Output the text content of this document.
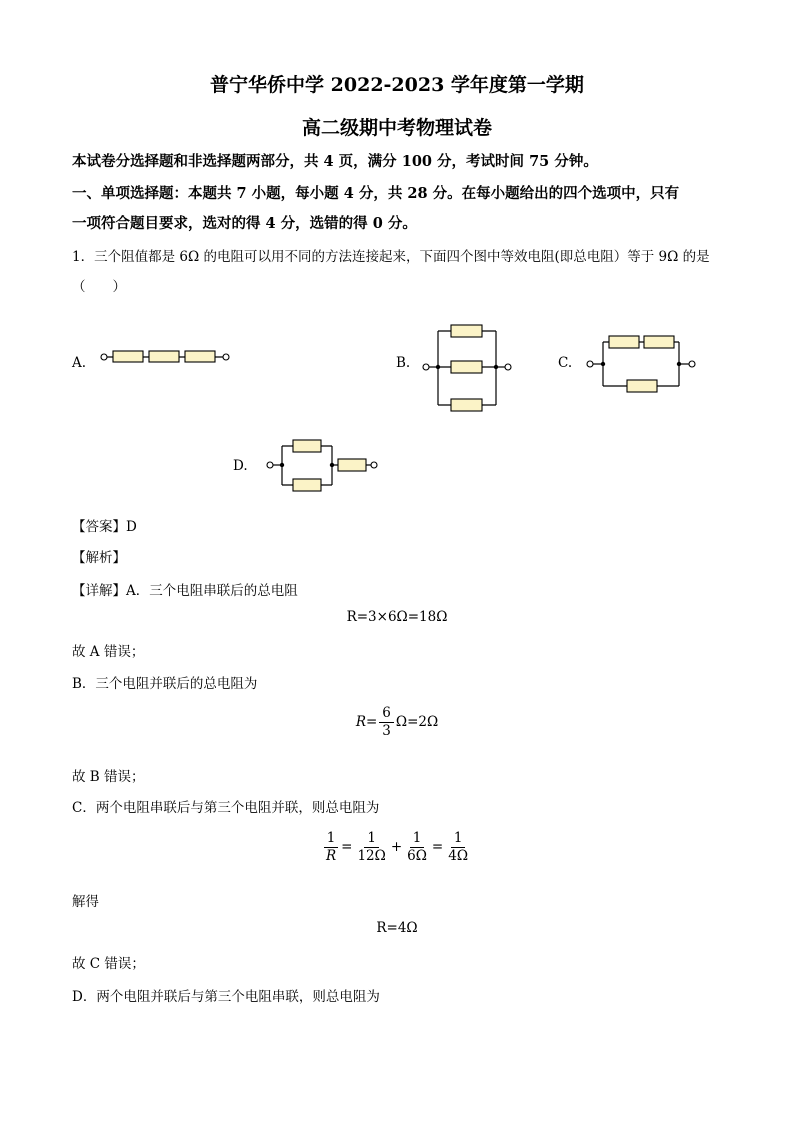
普宁华侨中学 2022-2023 学年度第一学期
高二级期中考物理试卷
本试卷分选择题和非选择题两部分，共 4 页，满分 100 分，考试时间 75 分钟。
一、单项选择题：本题共 7 小题，每小题 4 分，共 28 分。在每小题给出的四个选项中，只有
一项符合题目要求，选对的得 4 分，选错的得 0 分。
1．三个阻值都是 6Ω 的电阻可以用不同的方法连接起来，下面四个图中等效电阻(即总电阻）等于 9Ω 的是
（　　）
A.	B.	C.
D.
【答案】D
【解析】
【详解】A．三个电阻串联后的总电阻
R=3×6Ω=18Ω
故 A 错误；
B．三个电阻并联后的总电阻为
$R= \frac{6}{3} \Omega=2\Omega$
故 B 错误；
C．两个电阻串联后与第三个电阻并联，则总电阻为
$\frac{1}{R} = \frac{1}{12\Omega} + \frac{1}{6\Omega} = \frac{1}{4\Omega}$
解得
R=4Ω
故 C 错误；
D．两个电阻并联后与第三个电阻串联，则总电阻为
